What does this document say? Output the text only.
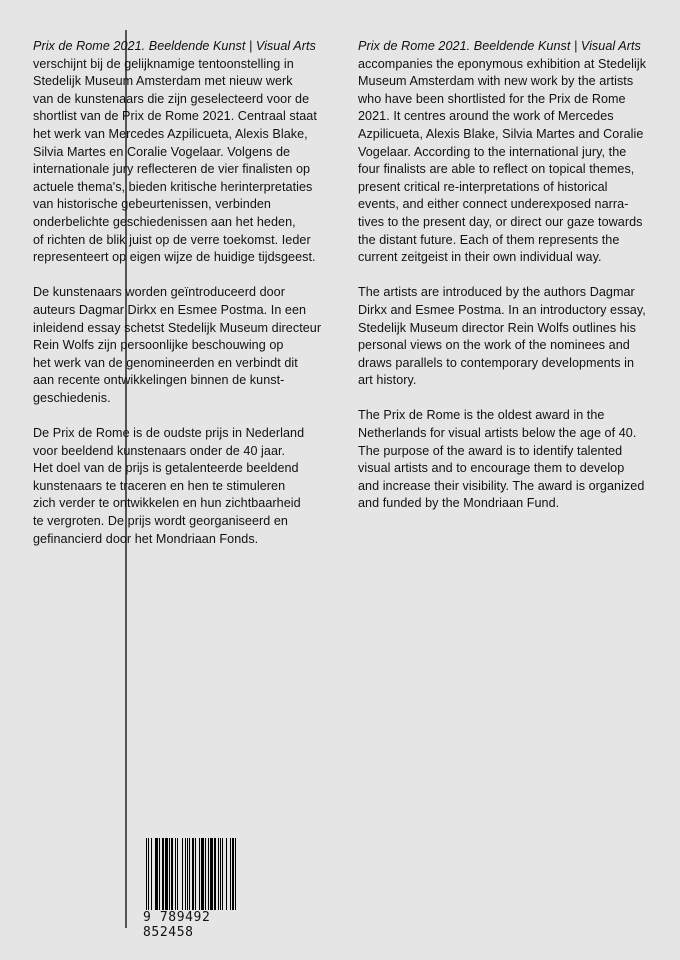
Prix de Rome 2021. Beeldende Kunst | Visual Arts
verschijnt bij de gelijknamige tentoonstelling in
Stedelijk Museum Amsterdam met nieuw werk
van de kunstenaars die zijn geselecteerd voor de
shortlist van de Prix de Rome 2021. Centraal staat
het werk van Mercedes Azpilicueta, Alexis Blake,
Silvia Martes en Coralie Vogelaar. Volgens de
internationale jury reflecteren de vier finalisten op
actuele thema's, bieden kritische herinterpretaties
van historische gebeurtenissen, verbinden
onderbelichte geschiedenissen aan het heden,
of richten de blik juist op de verre toekomst. Ieder
representeert op eigen wijze de huidige tijdsgeest.
De kunstenaars worden geïntroduceerd door
auteurs Dagmar Dirkx en Esmee Postma. In een
inleidend essay schetst Stedelijk Museum directeur
Rein Wolfs zijn persoonlijke beschouwing op
het werk van de genomineerden en verbindt dit
aan recente ontwikkelingen binnen de kunst-
geschiedenis.
De Prix de Rome is de oudste prijs in Nederland
voor beeldend kunstenaars onder de 40 jaar.
Het doel van de prijs is getalenteerde beeldend
kunstenaars te traceren en hen te stimuleren
zich verder te ontwikkelen en hun zichtbaarheid
te vergroten. De prijs wordt georganiseerd en
gefinancierd door het Mondriaan Fonds.
Prix de Rome 2021. Beeldende Kunst | Visual Arts
accompanies the eponymous exhibition at Stedelijk
Museum Amsterdam with new work by the artists
who have been shortlisted for the Prix de Rome
2021. It centres around the work of Mercedes
Azpilicueta, Alexis Blake, Silvia Martes and Coralie
Vogelaar. According to the international jury, the
four finalists are able to reflect on topical themes,
present critical re-interpretations of historical
events, and either connect underexposed narra-
tives to the present day, or direct our gaze towards
the distant future. Each of them represents the
current zeitgeist in their own individual way.
The artists are introduced by the authors Dagmar
Dirkx and Esmee Postma. In an introductory essay,
Stedelijk Museum director Rein Wolfs outlines his
personal views on the work of the nominees and
draws parallels to contemporary developments in
art history.
The Prix de Rome is the oldest award in the
Netherlands for visual artists below the age of 40.
The purpose of the award is to identify talented
visual artists and to encourage them to develop
and increase their visibility. The award is organized
and funded by the Mondriaan Fund.
9 789492 852458
